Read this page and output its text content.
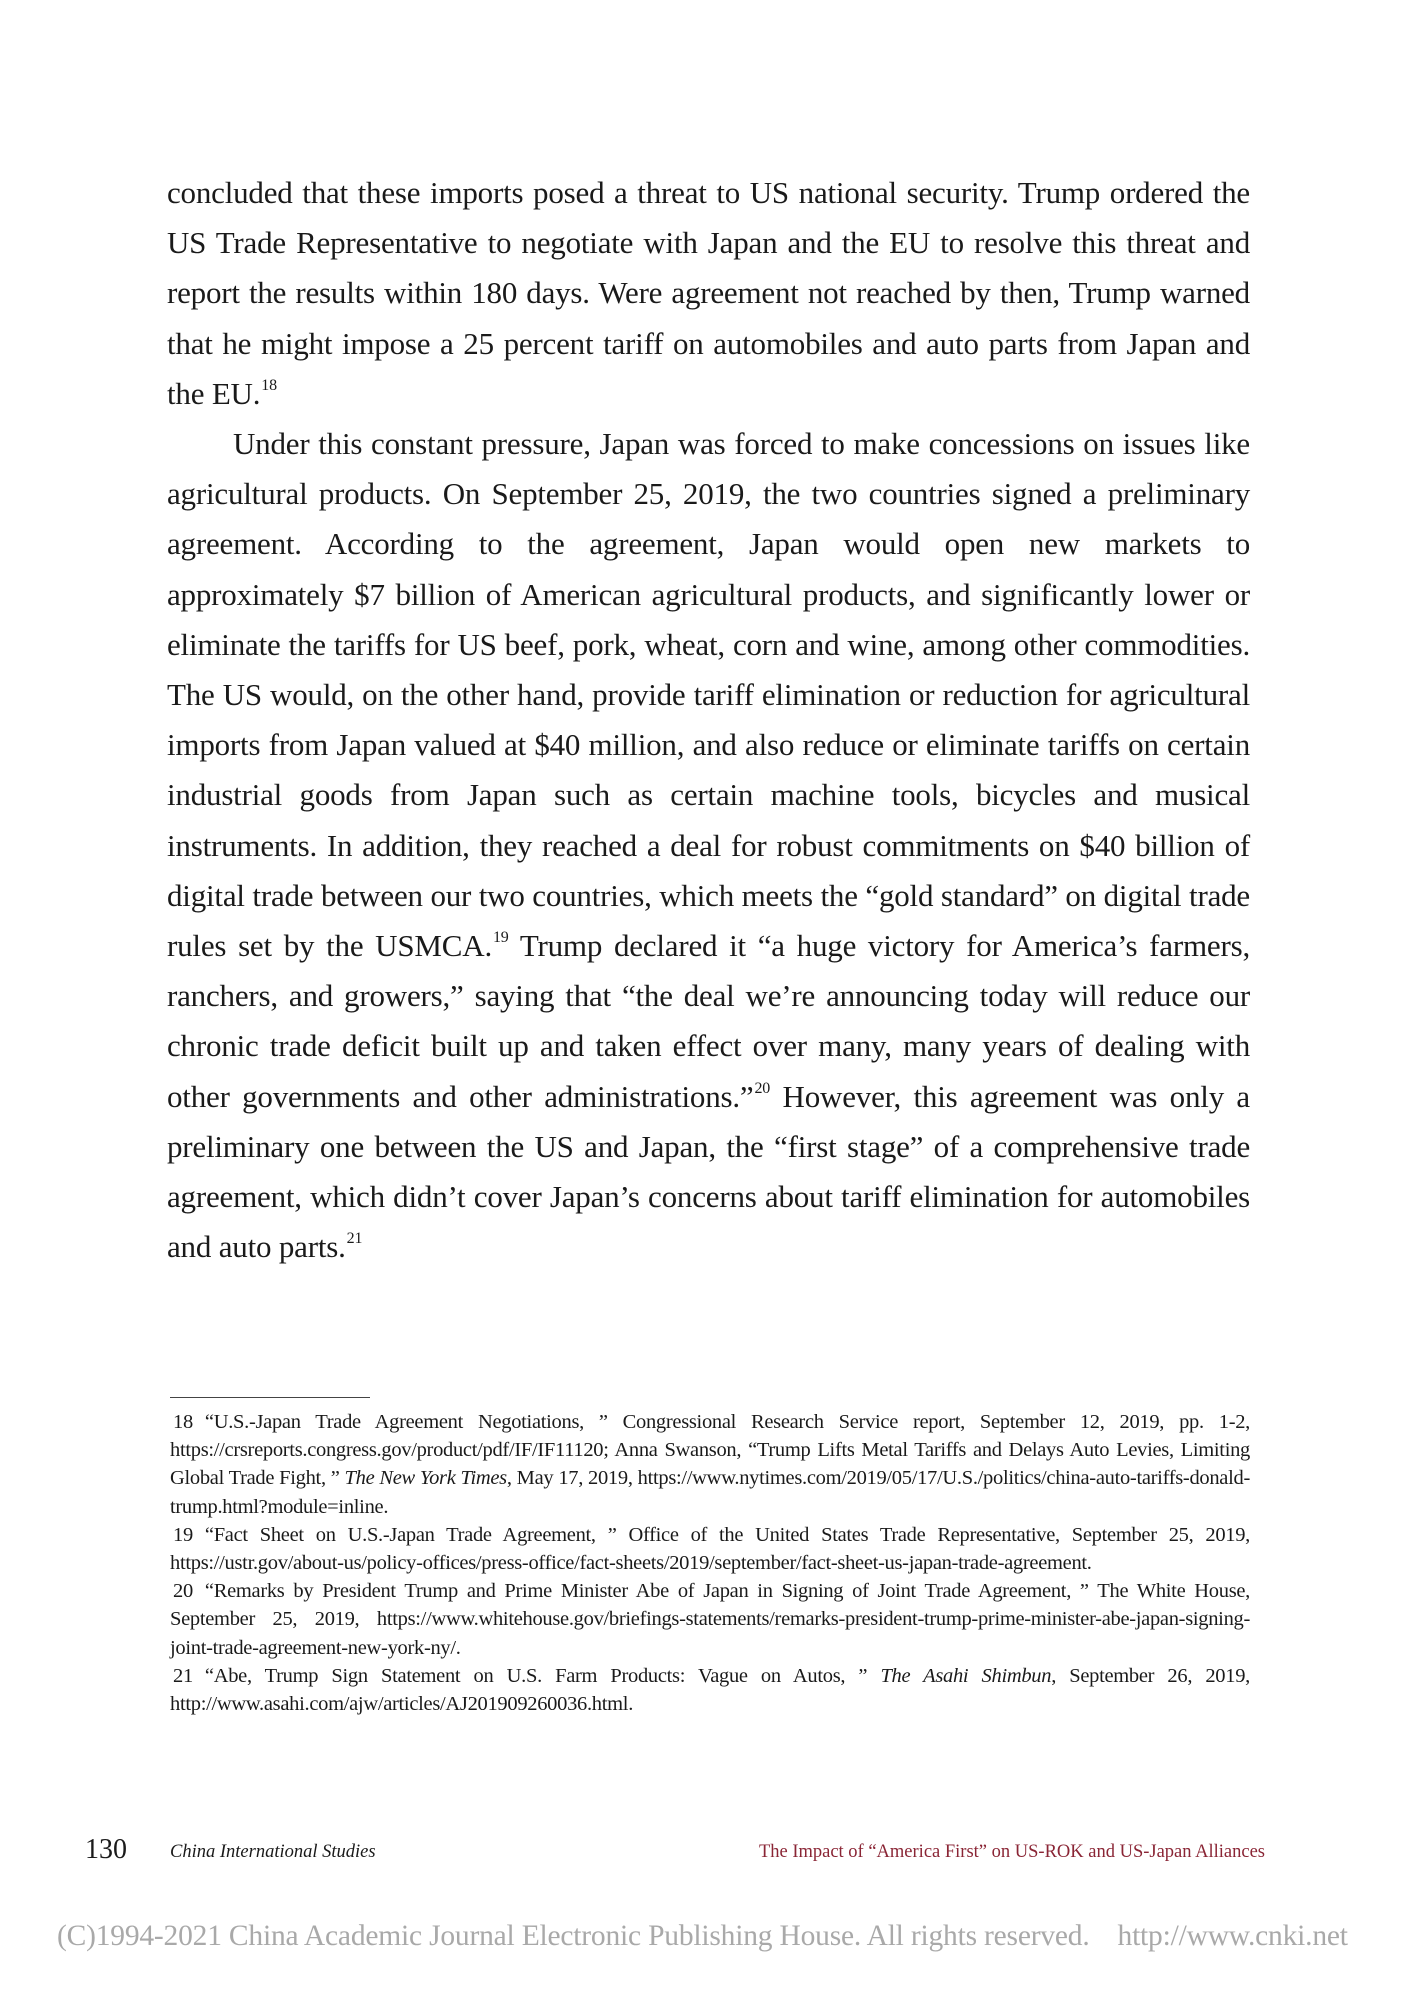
concluded that these imports posed a threat to US national security. Trump ordered the US Trade Representative to negotiate with Japan and the EU to resolve this threat and report the results within 180 days. Were agreement not reached by then, Trump warned that he might impose a 25 percent tariff on automobiles and auto parts from Japan and the EU.$^{18}$

Under this constant pressure, Japan was forced to make concessions on issues like agricultural products. On September 25, 2019, the two countries signed a preliminary agreement. According to the agreement, Japan would open new markets to approximately $7 billion of American agricultural products, and significantly lower or eliminate the tariffs for US beef, pork, wheat, corn and wine, among other commodities. The US would, on the other hand, provide tariff elimination or reduction for agricultural imports from Japan valued at $40 million, and also reduce or eliminate tariffs on certain industrial goods from Japan such as certain machine tools, bicycles and musical instruments. In addition, they reached a deal for robust commitments on $40 billion of digital trade between our two countries, which meets the “gold standard” on digital trade rules set by the USMCA.$^{19}$ Trump declared it “a huge victory for America’s farmers, ranchers, and growers,” saying that “the deal we’re announcing today will reduce our chronic trade deficit built up and taken effect over many, many years of dealing with other governments and other administrations.”$^{20}$ However, this agreement was only a preliminary one between the US and Japan, the “first stage” of a comprehensive trade agreement, which didn’t cover Japan’s concerns about tariff elimination for automobiles and auto parts.$^{21}$

18 “U.S.-Japan Trade Agreement Negotiations, ” Congressional Research Service report, September 12, 2019, pp. 1-2, https://crsreports.congress.gov/product/pdf/IF/IF11120; Anna Swanson, “Trump Lifts Metal Tariffs and Delays Auto Levies, Limiting Global Trade Fight, ” The New York Times, May 17, 2019, https://www.nytimes.com/2019/05/17/U.S./politics/china-auto-tariffs-donald-trump.html?module=inline.

19 “Fact Sheet on U.S.-Japan Trade Agreement, ” Office of the United States Trade Representative, September 25, 2019, https://ustr.gov/about-us/policy-offices/press-office/fact-sheets/2019/september/fact-sheet-us-japan-trade-agreement.

20 “Remarks by President Trump and Prime Minister Abe of Japan in Signing of Joint Trade Agreement, ” The White House, September 25, 2019, https://www.whitehouse.gov/briefings-statements/remarks-president-trump-prime-minister-abe-japan-signing-joint-trade-agreement-new-york-ny/.

21 “Abe, Trump Sign Statement on U.S. Farm Products: Vague on Autos, ” The Asahi Shimbun, September 26, 2019, http://www.asahi.com/ajw/articles/AJ201909260036.html.

130 China International Studies	The Impact of “America First” on US-ROK and US-Japan Alliances
(C)1994-2021 China Academic Journal Electronic Publishing House. All rights reserved. http://www.cnki.net
